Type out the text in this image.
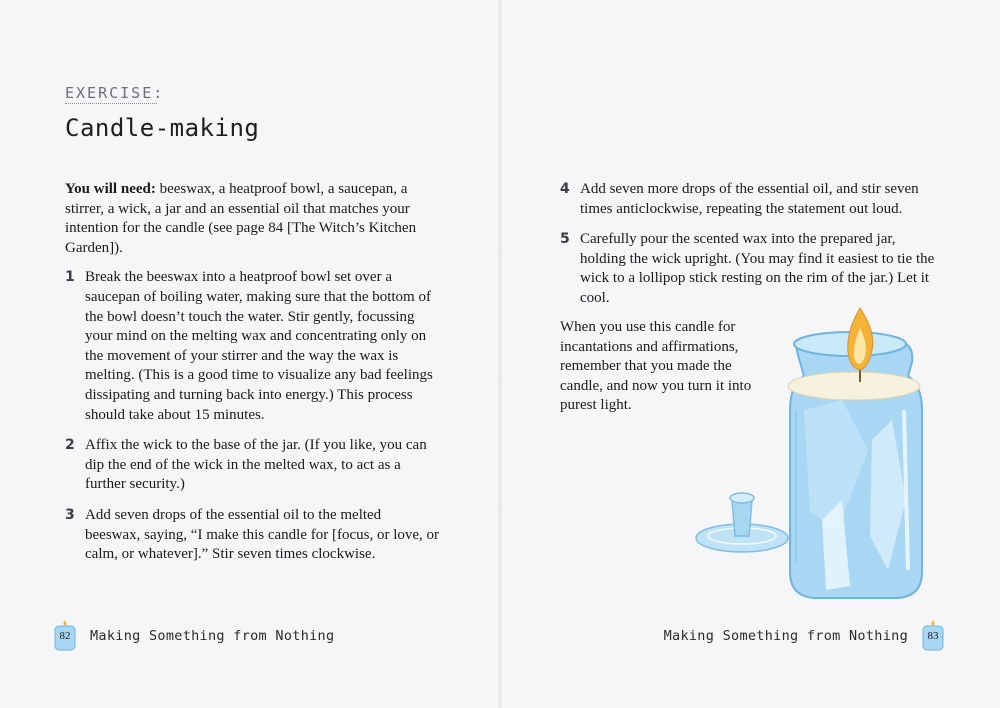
EXERCISE:
Candle-making

You will need: beeswax, a heatproof bowl, a saucepan, a stirrer, a wick, a jar and an essential oil that matches your intention for the candle (see page 84 [The Witch’s Kitchen Garden]).

1 Break the beeswax into a heatproof bowl set over a saucepan of boiling water, making sure that the bottom of the bowl doesn’t touch the water. Stir gently, focussing your mind on the melting wax and concentrating only on the movement of your stirrer and the way the wax is melting. (This is a good time to visualize any bad feelings dissipating and turning back into energy.) This process should take about 15 minutes.
2 Affix the wick to the base of the jar. (If you like, you can dip the end of the wick in the melted wax, to act as a further security.)
3 Add seven drops of the essential oil to the melted beeswax, saying, “I make this candle for [focus, or love, or calm, or whatever].” Stir seven times clockwise.
4 Add seven more drops of the essential oil, and stir seven times anticlockwise, repeating the statement out loud.
5 Carefully pour the scented wax into the prepared jar, holding the wick upright. (You may find it easiest to tie the wick to a lollipop stick resting on the rim of the jar.) Let it cool.
When you use this candle for incantations and affirmations, remember that you made the candle, and now you turn it into purest light.
82	Making Something from Nothing	Making Something from Nothing	83
